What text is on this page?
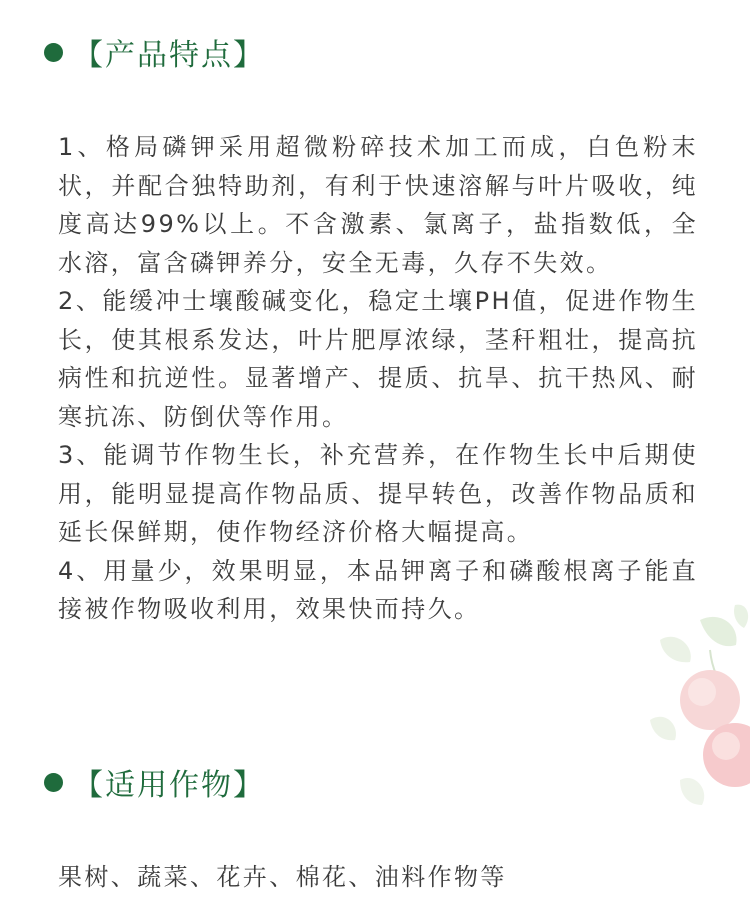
【产品特点】
1、格局磷钾采用超微粉碎技术加工而成，白色粉末状，并配合独特助剂，有利于快速溶解与叶片吸收，纯度高达99%以上。不含激素、氯离子，盐指数低，全水溶，富含磷钾养分，安全无毒，久存不失效。
2、能缓冲士壤酸碱变化，稳定土壤PH值，促进作物生长，使其根系发达，叶片肥厚浓绿，茎秆粗壮，提高抗病性和抗逆性。显著增产、提质、抗旱、抗干热风、耐寒抗冻、防倒伏等作用。
3、能调节作物生长，补充营养，在作物生长中后期使用，能明显提高作物品质、提早转色，改善作物品质和延长保鲜期，使作物经济价格大幅提高。
4、用量少，效果明显，本品钾离子和磷酸根离子能直接被作物吸收利用，效果快而持久。
【适用作物】
果树、蔬菜、花卉、棉花、油料作物等
